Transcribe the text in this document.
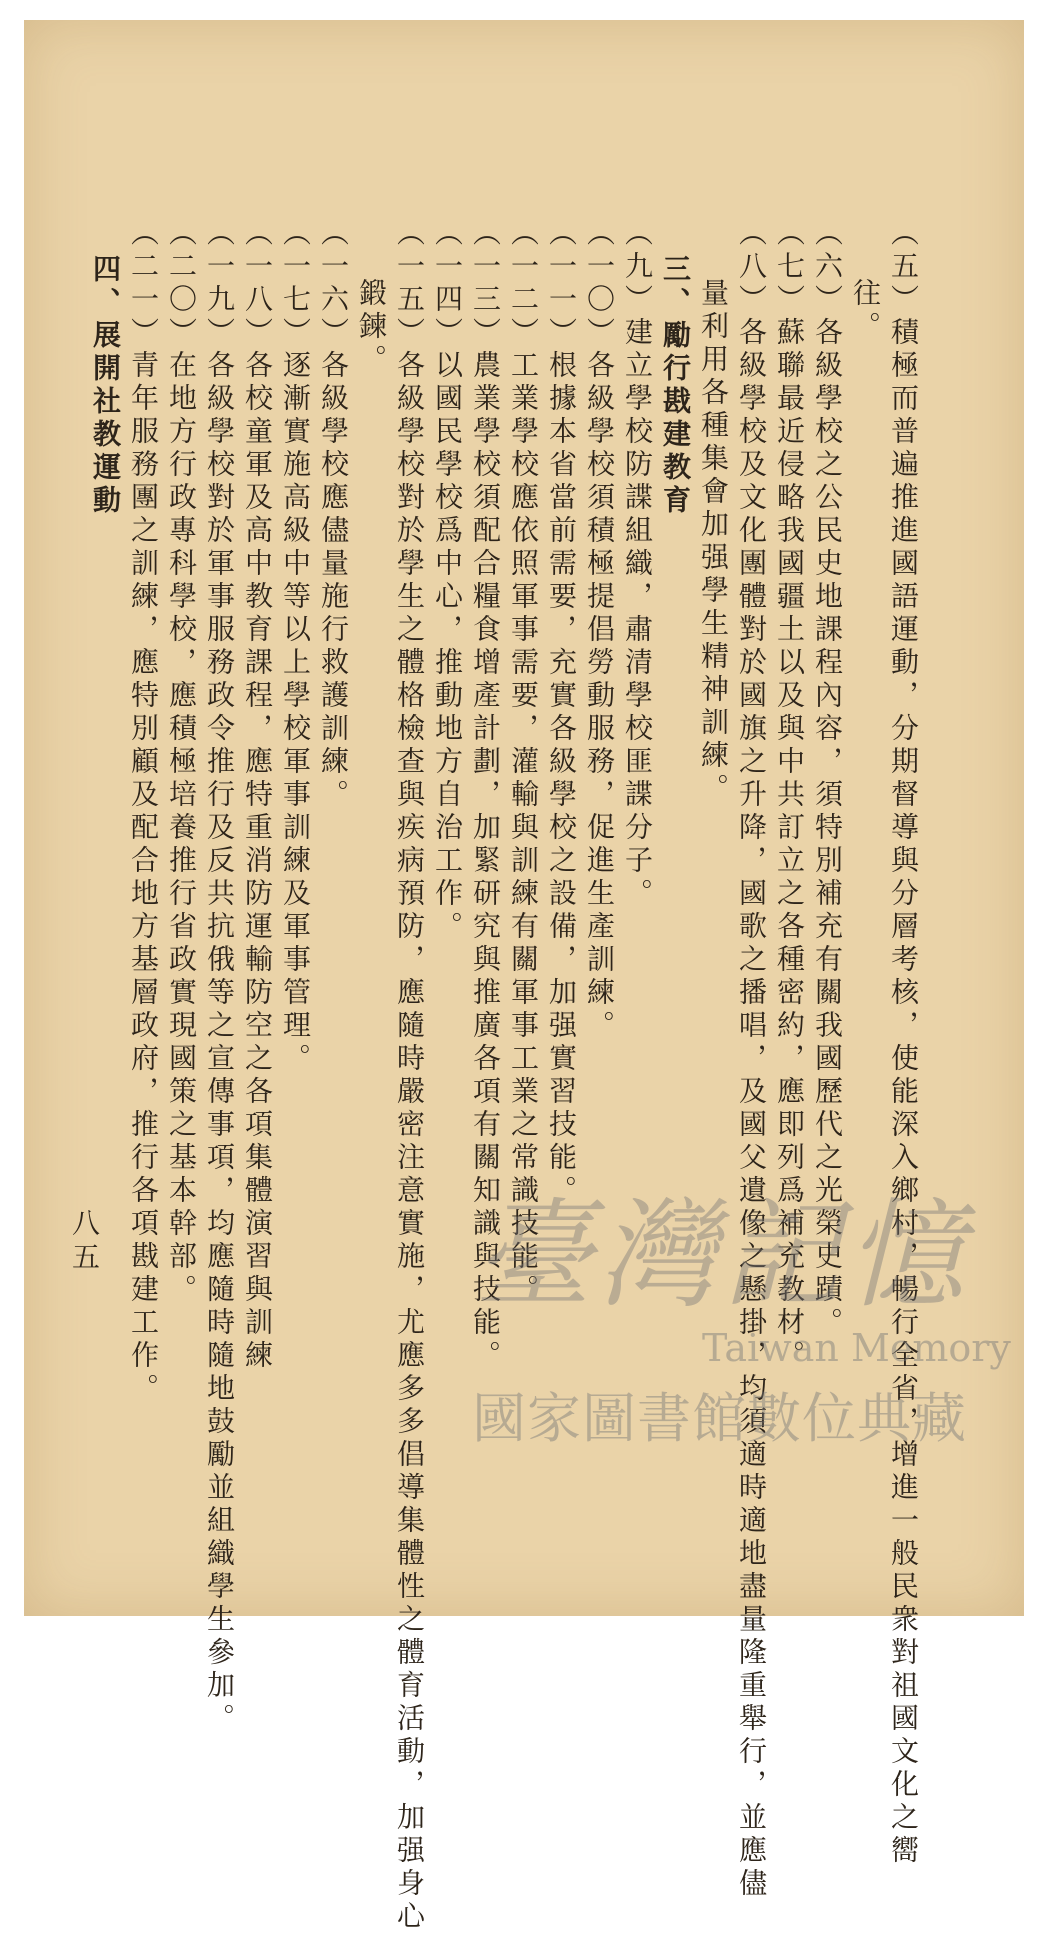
（五）積極而普遍推進國語運動，分期督導與分層考核，使能深入鄉村，暢行全省，增進一般民衆對祖國文化之嚮

往。

（六）各級學校之公民史地課程內容，須特別補充有關我國歷代之光榮史蹟。

（七）蘇聯最近侵略我國疆土以及與中共訂立之各種密約，應即列爲補充教材。

（八）各級學校及文化團體對於國旗之升降，國歌之播唱，及國父遺像之懸掛，均須適時適地盡量隆重舉行，並應儘

量利用各種集會加强學生精神訓練。

三、勵行戡建教育

（九）建立學校防諜組織，肅清學校匪諜分子。

（一〇）各級學校須積極提倡勞動服務，促進生產訓練。

（一一）根據本省當前需要，充實各級學校之設備，加强實習技能。

（一二）工業學校應依照軍事需要，灌輸與訓練有關軍事工業之常識技能。

（一三）農業學校須配合糧食增產計劃，加緊研究與推廣各項有關知識與技能。

（一四）以國民學校爲中心，推動地方自治工作。

（一五）各級學校對於學生之體格檢查與疾病預防，應隨時嚴密注意實施，尤應多多倡導集體性之體育活動，加强身心

鍛鍊。

（一六）各級學校應儘量施行救護訓練。

（一七）逐漸實施高級中等以上學校軍事訓練及軍事管理。

（一八）各校童軍及高中教育課程，應特重消防運輸防空之各項集體演習與訓練

（一九）各級學校對於軍事服務政令推行及反共抗俄等之宣傳事項，均應隨時隨地鼓勵並組織學生參加。

（二〇）在地方行政專科學校，應積極培養推行省政實現國策之基本幹部。

（二一）青年服務團之訓練，應特別顧及配合地方基層政府，推行各項戡建工作。

四、展開社教運動

八五	臺灣記憶
Taiwan Memory
國家圖書館數位典藏
